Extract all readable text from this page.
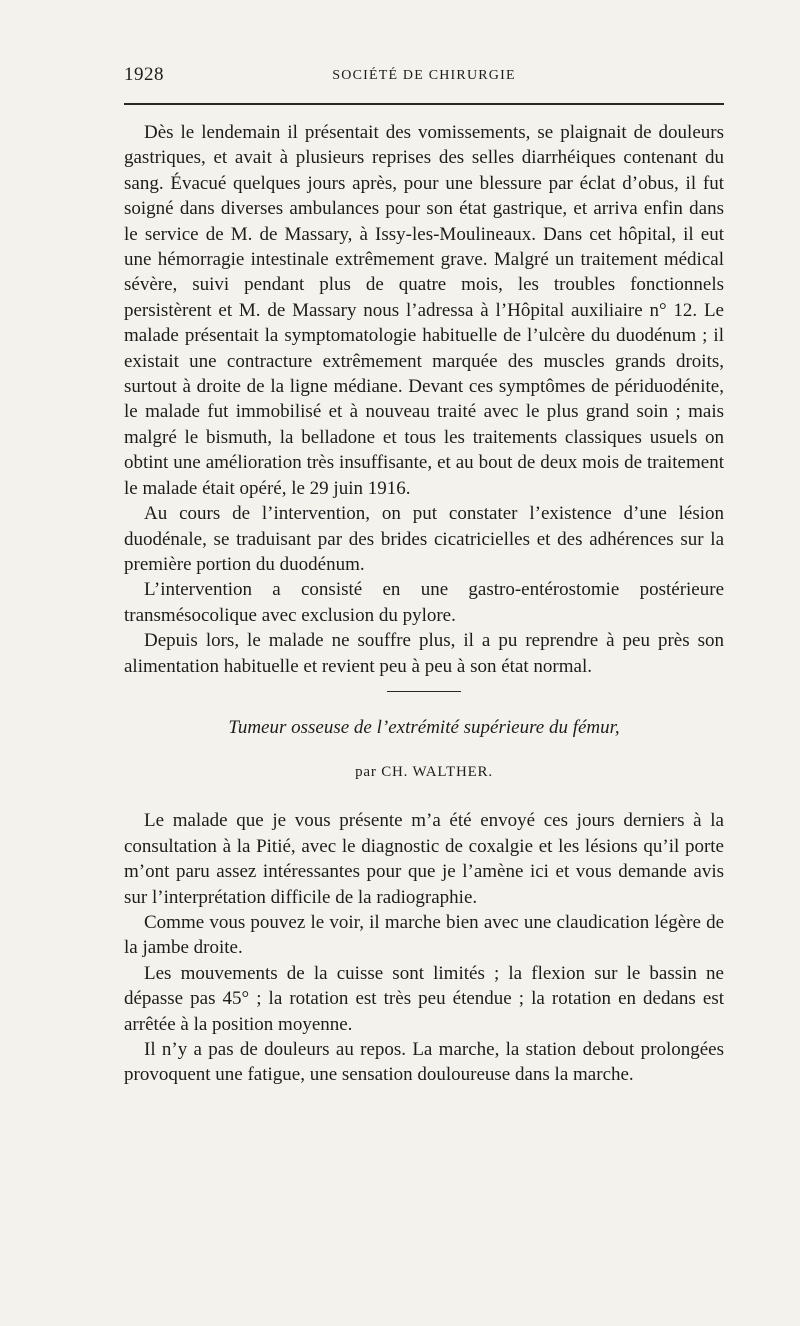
1928	SOCIÉTÉ DE CHIRURGIE

Dès le lendemain il présentait des vomissements, se plaignait de douleurs gastriques, et avait à plusieurs reprises des selles diarrhéiques contenant du sang. Évacué quelques jours après, pour une blessure par éclat d’obus, il fut soigné dans diverses ambulances pour son état gastrique, et arriva enfin dans le service de M. de Massary, à Issy-les-Moulineaux. Dans cet hôpital, il eut une hémorragie intestinale extrêmement grave. Malgré un traitement médical sévère, suivi pendant plus de quatre mois, les troubles fonctionnels persistèrent et M. de Massary nous l’adressa à l’Hôpital auxiliaire n° 12. Le malade présentait la symptomatologie habituelle de l’ulcère du duodénum ; il existait une contracture extrêmement marquée des muscles grands droits, surtout à droite de la ligne médiane. Devant ces symptômes de périduodénite, le malade fut immobilisé et à nouveau traité avec le plus grand soin ; mais malgré le bismuth, la belladone et tous les traitements classiques usuels on obtint une amélioration très insuffisante, et au bout de deux mois de traitement le malade était opéré, le 29 juin 1916.

Au cours de l’intervention, on put constater l’existence d’une lésion duodénale, se traduisant par des brides cicatricielles et des adhérences sur la première portion du duodénum.

L’intervention a consisté en une gastro-entérostomie postérieure transmésocolique avec exclusion du pylore.

Depuis lors, le malade ne souffre plus, il a pu reprendre à peu près son alimentation habituelle et revient peu à peu à son état normal.

Tumeur osseuse de l’extrémité supérieure du fémur,

par CH. WALTHER.

Le malade que je vous présente m’a été envoyé ces jours derniers à la consultation à la Pitié, avec le diagnostic de coxalgie et les lésions qu’il porte m’ont paru assez intéressantes pour que je l’amène ici et vous demande avis sur l’interprétation difficile de la radiographie.

Comme vous pouvez le voir, il marche bien avec une claudication légère de la jambe droite.

Les mouvements de la cuisse sont limités ; la flexion sur le bassin ne dépasse pas 45° ; la rotation est très peu étendue ; la rotation en dedans est arrêtée à la position moyenne.

Il n’y a pas de douleurs au repos. La marche, la station debout prolongées provoquent une fatigue, une sensation douloureuse dans la marche.
